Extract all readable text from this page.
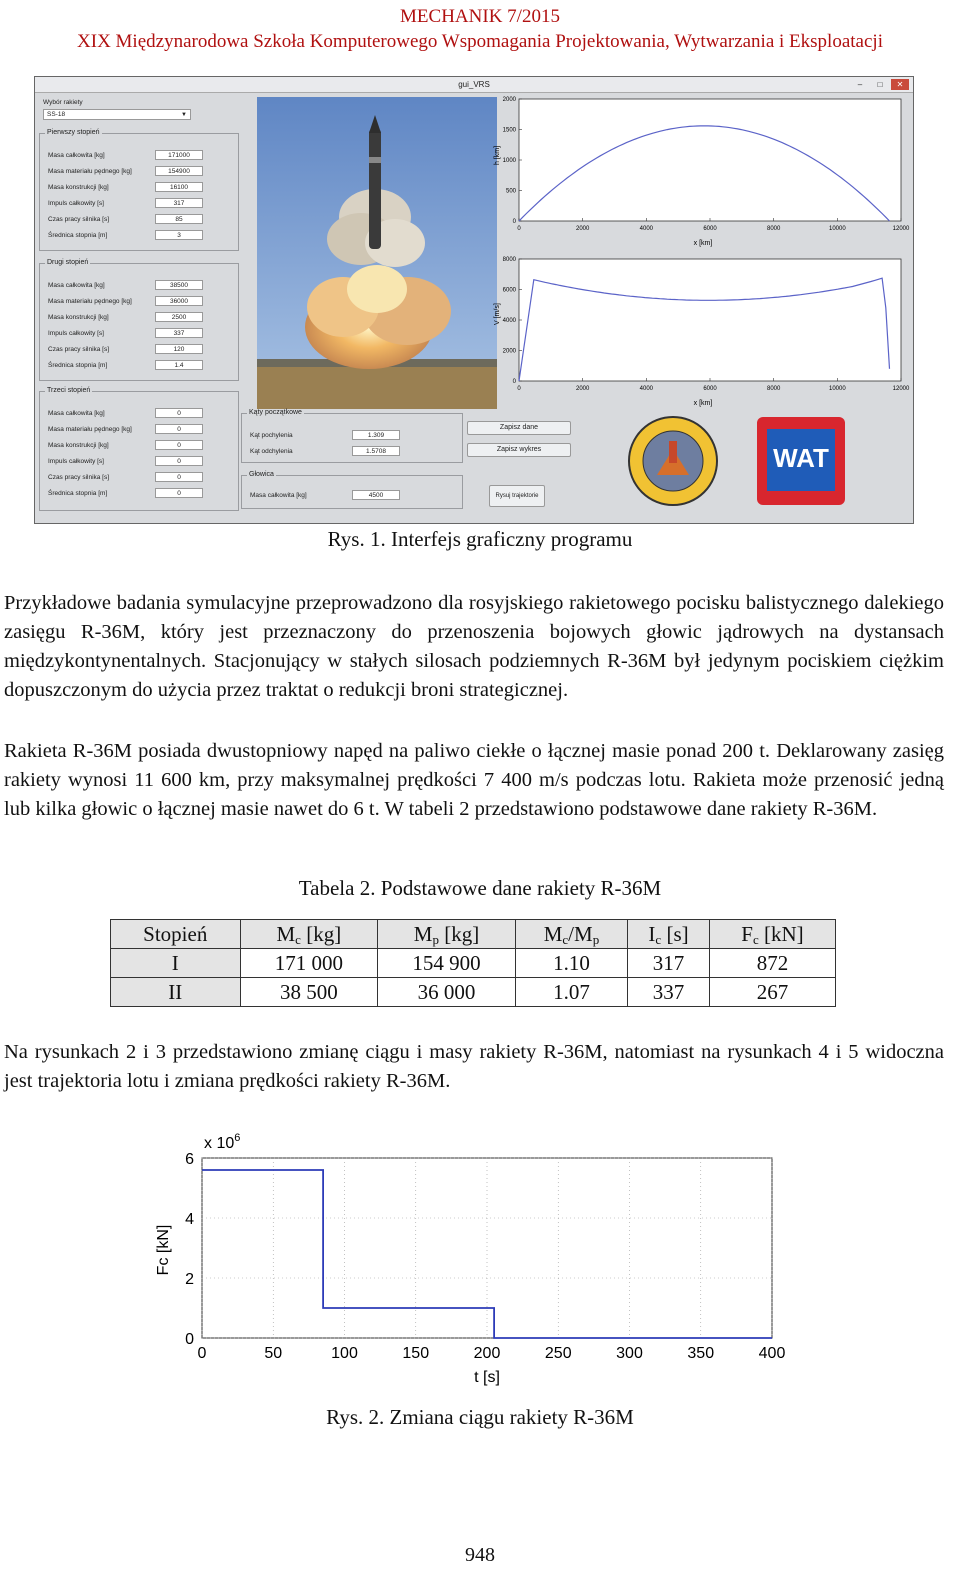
MECHANIK 7/2015
XIX Międzynarodowa Szkoła Komputerowego Wspomagania Projektowania, Wytwarzania i Eksploatacji
gui_VRS	–	□	✕
Wybór rakiety
SS-18	▼
Pierwszy stopień
Masa całkowita [kg]	171000
Masa materiału pędnego [kg]	154900
Masa konstrukcji [kg]	16100
Impuls całkowity [s]	317
Czas pracy silnika [s]	85
Średnica stopnia [m]	3
Drugi stopień
Masa całkowita [kg]	38500
Masa materiału pędnego [kg]	36000
Masa konstrukcji [kg]	2500
Impuls całkowity [s]	337
Czas pracy silnika [s]	120
Średnica stopnia [m]	1.4
Trzeci stopień
Masa całkowita [kg]	0
Masa materiału pędnego [kg]	0
Masa konstrukcji [kg]	0
Impuls całkowity [s]	0
Czas pracy silnika [s]	0
Średnica stopnia [m]	0
Kąty początkowe
Kąt pochylenia	1.309
Kąt odchylenia	1.5708
Głowica
Masa całkowita [kg]	4500
Zapisz dane
Zapisz wykres
Rysuj trajektorie
WAT
0	2000	4000	6000	8000	10000	12000
0
500
1000
1500
2000
h [km]
x [km]
0	2000	4000	6000	8000	10000	12000
0
2000
4000
6000
8000
V [m/s]
x [km]
Rys. 1. Interfejs graficzny programu
Przykładowe badania symulacyjne przeprowadzono dla rosyjskiego rakietowego pocisku balistycznego dalekiego zasięgu R-36M, który jest przeznaczony do przenoszenia bojowych głowic jądrowych na dystansach międzykontynentalnych. Stacjonujący w stałych silosach podziemnych R-36M był jedynym pociskiem ciężkim dopuszczonym do użycia przez traktat o redukcji broni strategicznej.
Rakieta R-36M posiada dwustopniowy napęd na paliwo ciekłe o łącznej masie ponad 200 t. Deklarowany zasięg rakiety wynosi 11 600 km, przy maksymalnej prędkości 7 400 m/s podczas lotu. Rakieta może przenosić jedną lub kilka głowic o łącznej masie nawet do 6 t. W tabeli 2 przedstawiono podstawowe dane rakiety R-36M.
Tabela 2. Podstawowe dane rakiety R-36M
Stopień	$M_c$ [kg]	$M_p$ [kg]	$M_c/M_p$	$I_c$ [s]	$F_c$ [kN]
I	171 000	154 900	1.10	317	872
II	38 500	36 000	1.07	337	267
Na rysunkach 2 i 3 przedstawiono zmianę ciągu i masy rakiety R-36M, natomiast na rysunkach 4 i 5 widoczna jest trajektoria lotu i zmiana prędkości rakiety R-36M.
0	50	100	150	200	250	300	350	400
0
2
4
6
x $10^6$
Fc [kN]
t [s]
Rys. 2. Zmiana ciągu rakiety R-36M
948
